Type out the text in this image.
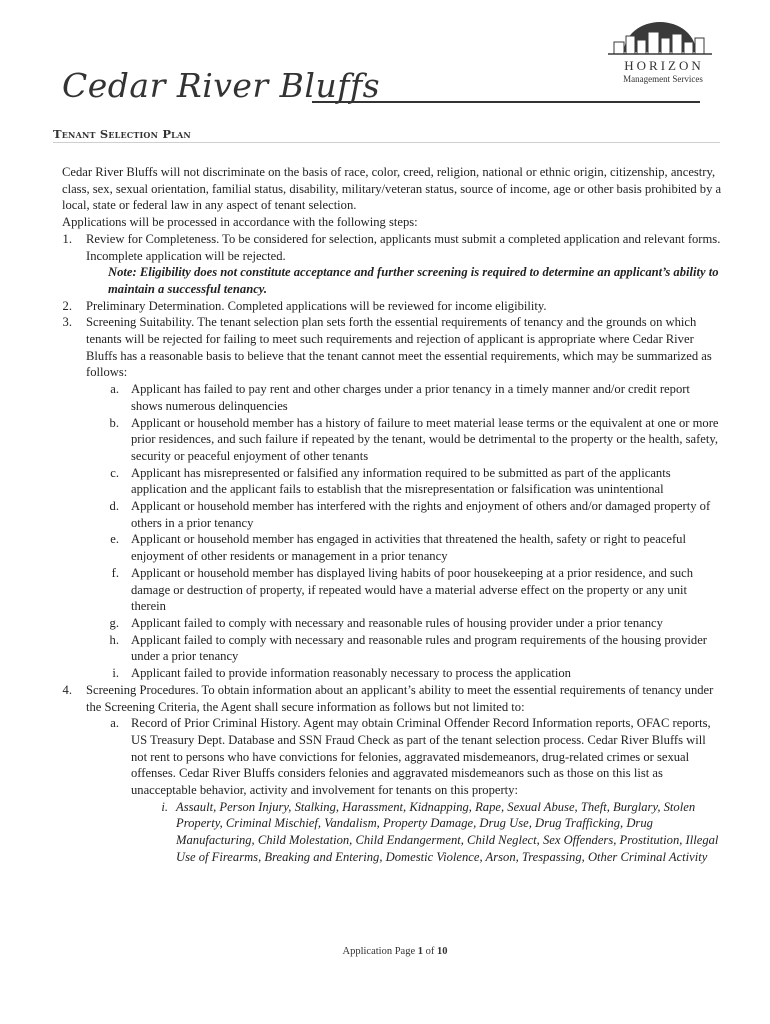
HORIZON
Management Services
Cedar River Bluffs
Tenant Selection Plan

Cedar River Bluffs will not discriminate on the basis of race, color, creed, religion, national or ethnic origin, citizenship, ancestry, class, sex, sexual orientation, familial status, disability, military/veteran status, source of income, age or other basis prohibited by a local, state or federal law in any aspect of tenant selection.

Applications will be processed in accordance with the following steps:

1. Review for Completeness. To be considered for selection, applicants must submit a completed application and relevant forms. Incomplete application will be rejected.
Note: Eligibility does not constitute acceptance and further screening is required to determine an applicant’s ability to maintain a successful tenancy.
2. Preliminary Determination. Completed applications will be reviewed for income eligibility.
3. Screening Suitability. The tenant selection plan sets forth the essential requirements of tenancy and the grounds on which tenants will be rejected for failing to meet such requirements and rejection of applicant is appropriate where Cedar River Bluffs has a reasonable basis to believe that the tenant cannot meet the essential requirements, which may be summarized as follows:
a. Applicant has failed to pay rent and other charges under a prior tenancy in a timely manner and/or credit report shows numerous delinquencies
b. Applicant or household member has a history of failure to meet material lease terms or the equivalent at one or more prior residences, and such failure if repeated by the tenant, would be detrimental to the property or the health, safety, security or peaceful enjoyment of other tenants
c. Applicant has misrepresented or falsified any information required to be submitted as part of the applicants application and the applicant fails to establish that the misrepresentation or falsification was unintentional
d. Applicant or household member has interfered with the rights and enjoyment of others and/or damaged property of others in a prior tenancy
e. Applicant or household member has engaged in activities that threatened the health, safety or right to peaceful enjoyment of other residents or management in a prior tenancy
f. Applicant or household member has displayed living habits of poor housekeeping at a prior residence, and such damage or destruction of property, if repeated would have a material adverse effect on the property or any unit therein
g. Applicant failed to comply with necessary and reasonable rules of housing provider under a prior tenancy
h. Applicant failed to comply with necessary and reasonable rules and program requirements of the housing provider under a prior tenancy
i. Applicant failed to provide information reasonably necessary to process the application
4. Screening Procedures. To obtain information about an applicant’s ability to meet the essential requirements of tenancy under the Screening Criteria, the Agent shall secure information as follows but not limited to:
a. Record of Prior Criminal History. Agent may obtain Criminal Offender Record Information reports, OFAC reports, US Treasury Dept. Database and SSN Fraud Check as part of the tenant selection process. Cedar River Bluffs will not rent to persons who have convictions for felonies, aggravated misdemeanors, drug-related crimes or sexual offenses. Cedar River Bluffs considers felonies and aggravated misdemeanors such as those on this list as unacceptable behavior, activity and involvement for tenants on this property:
i. Assault, Person Injury, Stalking, Harassment, Kidnapping, Rape, Sexual Abuse, Theft, Burglary, Stolen Property, Criminal Mischief, Vandalism, Property Damage, Drug Use, Drug Trafficking, Drug Manufacturing, Child Molestation, Child Endangerment, Child Neglect, Sex Offenders, Prostitution, Illegal Use of Firearms, Breaking and Entering, Domestic Violence, Arson, Trespassing, Other Criminal Activity
Application Page 1 of 10
